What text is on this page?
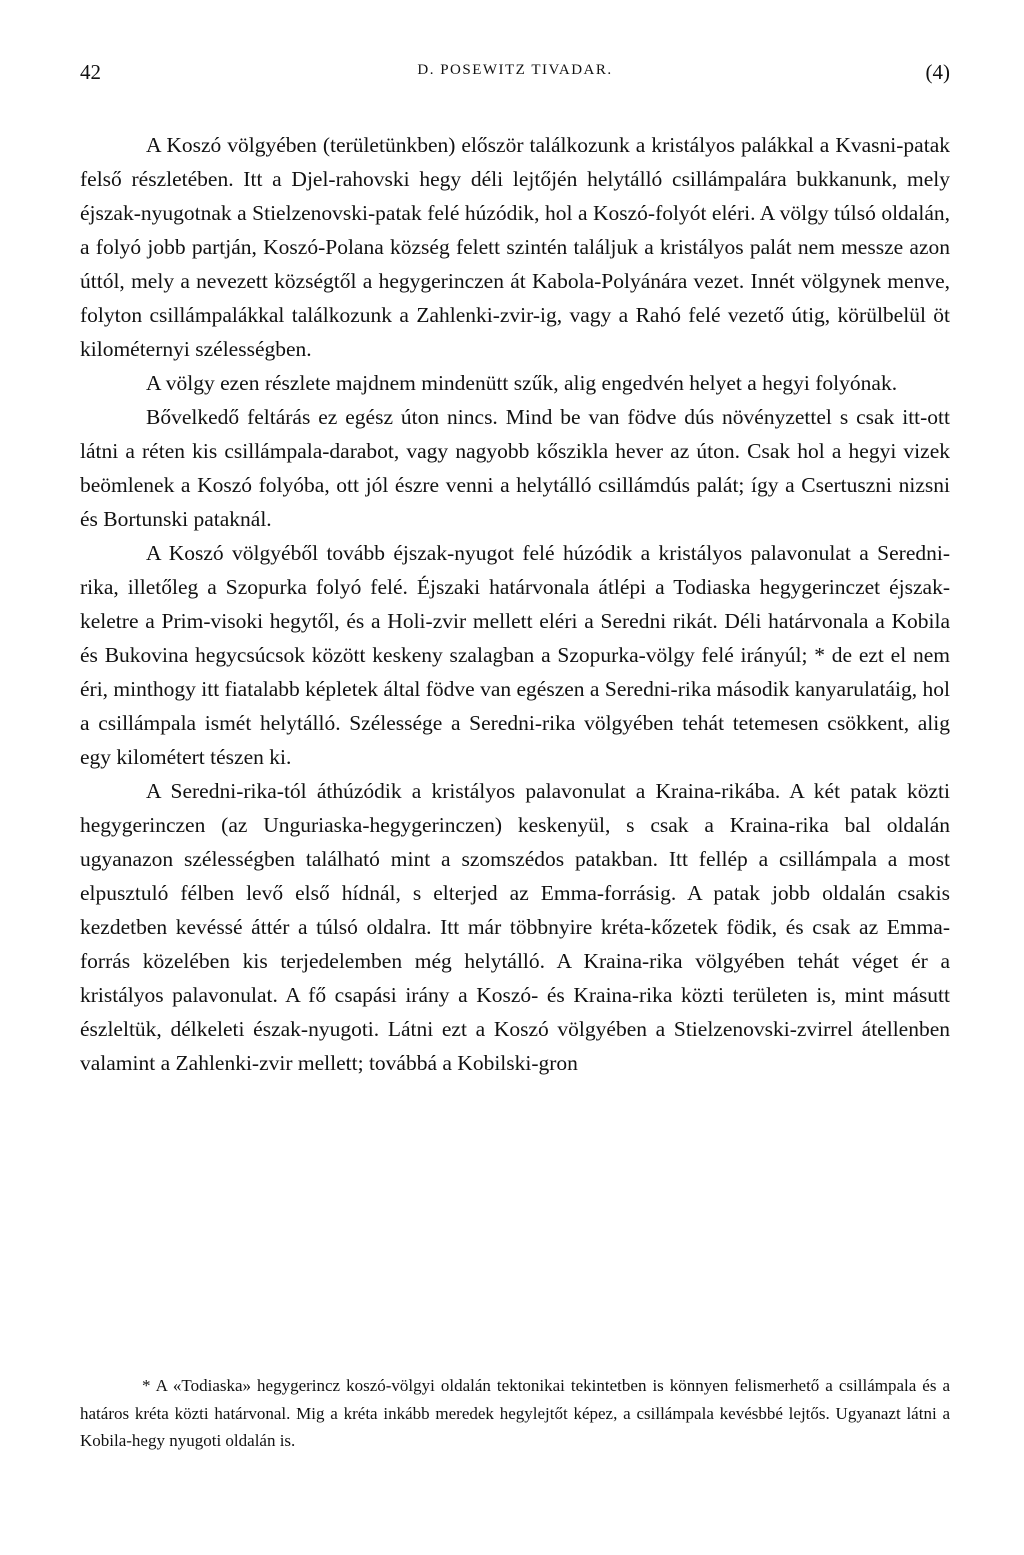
42	D. POSEWITZ TIVADAR.	(4)

A Koszó völgyében (területünkben) először találkozunk a kristályos palákkal a Kvasni-patak felső részletében. Itt a Djel-rahovski hegy déli lejtőjén helytálló csillámpalára bukkanunk, mely éjszak-nyugotnak a Stielzenovski-patak felé húzódik, hol a Koszó-folyót eléri. A völgy túlsó oldalán, a folyó jobb partján, Koszó-Polana község felett szintén találjuk a kristályos palát nem messze azon úttól, mely a nevezett községtől a hegygerinczen át Kabola-Polyánára vezet. Innét völgynek menve, folyton csillámpalákkal találkozunk a Zahlenki-zvir-ig, vagy a Rahó felé vezető útig, körülbelül öt kilométernyi szélességben.

A völgy ezen részlete majdnem mindenütt szűk, alig engedvén helyet a hegyi folyónak.

Bővelkedő feltárás ez egész úton nincs. Mind be van födve dús növényzettel s csak itt-ott látni a réten kis csillámpala-darabot, vagy nagyobb kőszikla hever az úton. Csak hol a hegyi vizek beömlenek a Koszó folyóba, ott jól észre venni a helytálló csillámdús palát; így a Csertuszni nizsni és Bortunski pataknál.

A Koszó völgyéből tovább éjszak-nyugot felé húzódik a kristályos palavonulat a Seredni-rika, illetőleg a Szopurka folyó felé. Éjszaki határvonala átlépi a Todiaska hegygerinczet éjszak-keletre a Prim-visoki hegytől, és a Holi-zvir mellett eléri a Seredni rikát. Déli határvonala a Kobila és Bukovina hegycsúcsok között keskeny szalagban a Szopurka-völgy felé irányúl; * de ezt el nem éri, minthogy itt fiatalabb képletek által födve van egészen a Seredni-rika második kanyarulatáig, hol a csillámpala ismét helytálló. Szélessége a Seredni-rika völgyében tehát tetemesen csökkent, alig egy kilométert tészen ki.

A Seredni-rika-tól áthúzódik a kristályos palavonulat a Kraina-rikába. A két patak közti hegygerinczen (az Unguriaska-hegygerinczen) keskenyül, s csak a Kraina-rika bal oldalán ugyanazon szélességben található mint a szomszédos patakban. Itt fellép a csillámpala a most elpusztuló félben levő első hídnál, s elterjed az Emma-forrásig. A patak jobb oldalán csakis kezdetben kevéssé áttér a túlsó oldalra. Itt már többnyire kréta-kőzetek födik, és csak az Emma-forrás közelében kis terjedelemben még helytálló. A Kraina-rika völgyében tehát véget ér a kristályos palavonulat. A fő csapási irány a Koszó- és Kraina-rika közti területen is, mint másutt észleltük, délkeleti észak-nyugoti. Látni ezt a Koszó völgyében a Stielzenovski-zvirrel átellenben valamint a Zahlenki-zvir mellett; továbbá a Kobilski-gron

* A «Todiaska» hegygerincz koszó-völgyi oldalán tektonikai tekintetben is könnyen felismerhető a csillámpala és a határos kréta közti határvonal. Mig a kréta inkább meredek hegylejtőt képez, a csillámpala kevésbbé lejtős. Ugyanazt látni a Kobila-hegy nyugoti oldalán is.
